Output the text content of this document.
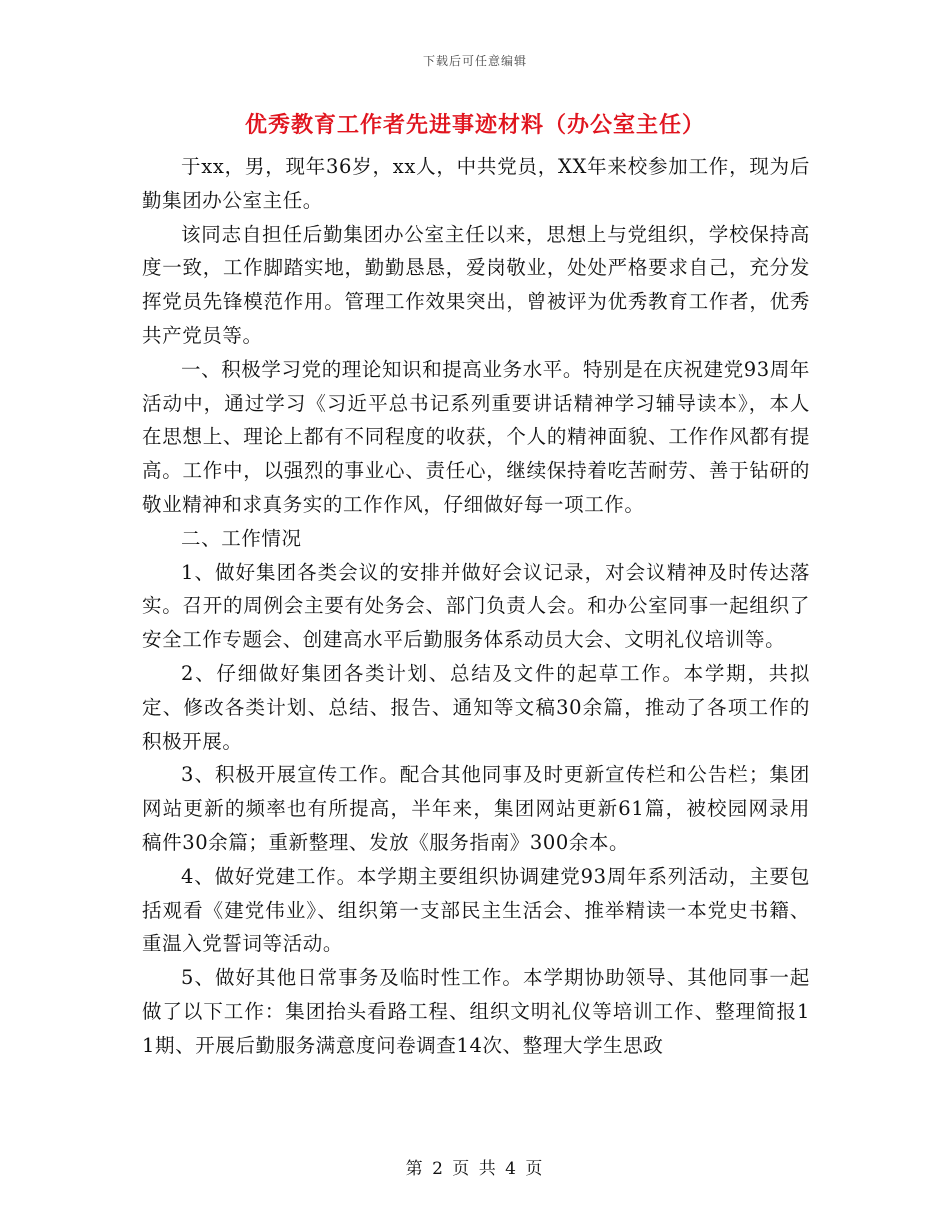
下载后可任意编辑
优秀教育工作者先进事迹材料（办公室主任）

于xx，男，现年36岁，xx人，中共党员，XX年来校参加工作，现为后勤集团办公室主任。

该同志自担任后勤集团办公室主任以来，思想上与党组织，学校保持高度一致，工作脚踏实地，勤勤恳恳，爱岗敬业，处处严格要求自己，充分发挥党员先锋模范作用。管理工作效果突出，曾被评为优秀教育工作者，优秀共产党员等。

一、积极学习党的理论知识和提高业务水平。特别是在庆祝建党93周年活动中，通过学习《习近平总书记系列重要讲话精神学习辅导读本》，本人在思想上、理论上都有不同程度的收获，个人的精神面貌、工作作风都有提高。工作中，以强烈的事业心、责任心，继续保持着吃苦耐劳、善于钻研的敬业精神和求真务实的工作作风，仔细做好每一项工作。

二、工作情况

1、做好集团各类会议的安排并做好会议记录，对会议精神及时传达落实。召开的周例会主要有处务会、部门负责人会。和办公室同事一起组织了安全工作专题会、创建高水平后勤服务体系动员大会、文明礼仪培训等。

2、仔细做好集团各类计划、总结及文件的起草工作。本学期，共拟定、修改各类计划、总结、报告、通知等文稿30余篇，推动了各项工作的积极开展。

3、积极开展宣传工作。配合其他同事及时更新宣传栏和公告栏；集团网站更新的频率也有所提高，半年来，集团网站更新61篇，被校园网录用稿件30余篇；重新整理、发放《服务指南》300余本。

4、做好党建工作。本学期主要组织协调建党93周年系列活动，主要包括观看《建党伟业》、组织第一支部民主生活会、推举精读一本党史书籍、重温入党誓词等活动。

5、做好其他日常事务及临时性工作。本学期协助领导、其他同事一起做了以下工作：集团抬头看路工程、组织文明礼仪等培训工作、整理简报11期、开展后勤服务满意度问卷调查14次、整理大学生思政

第 2 页 共 4 页
